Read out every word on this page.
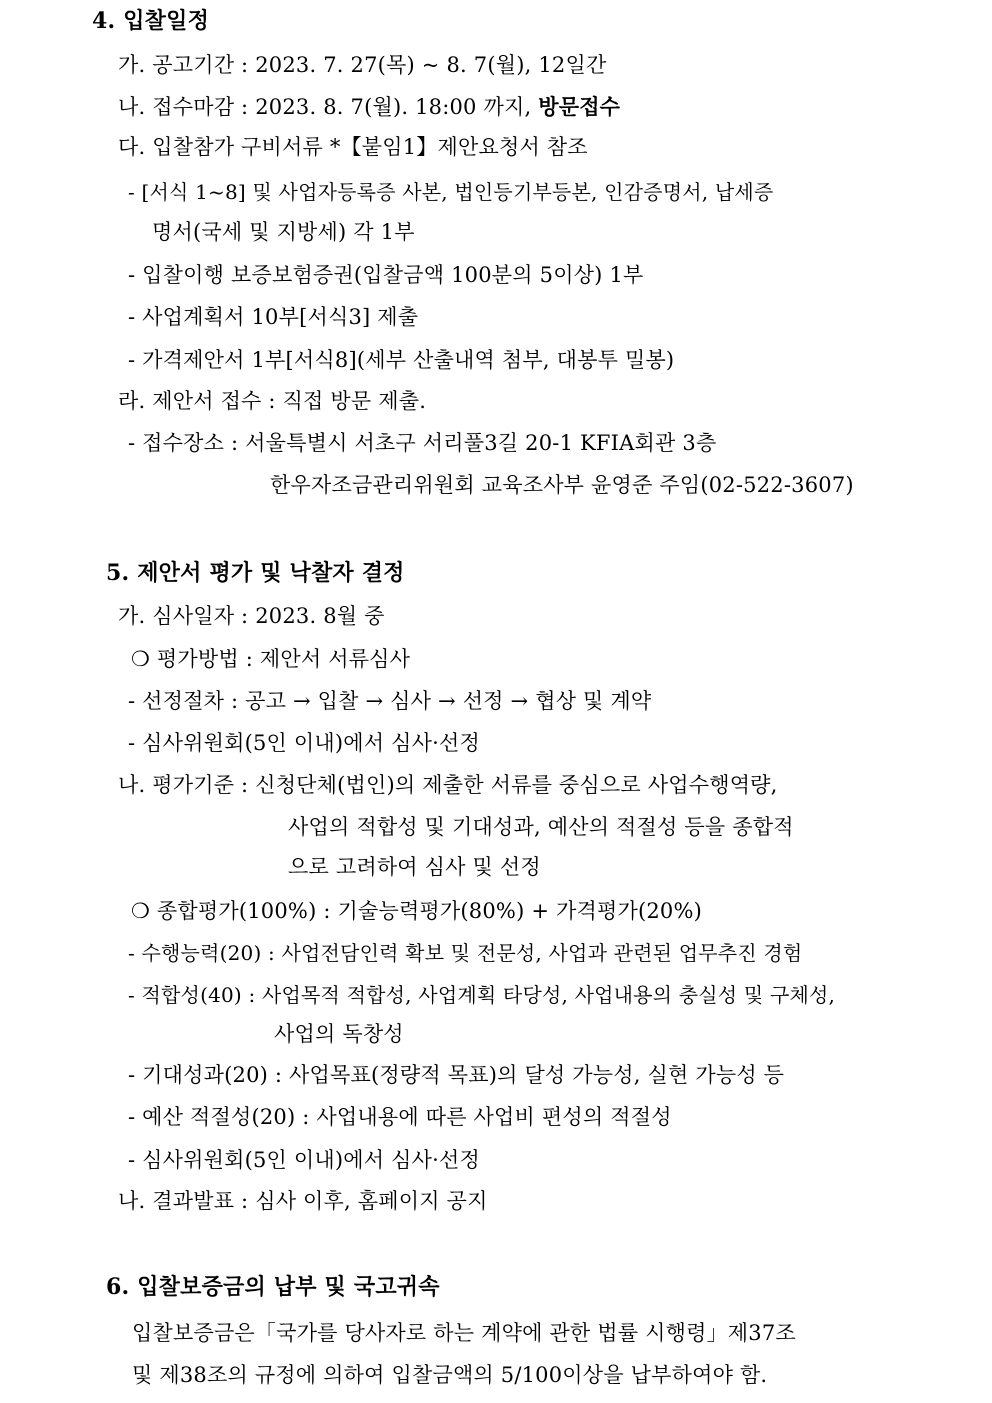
4. 입찰일정
가. 공고기간 : 2023. 7. 27(목) ~ 8. 7(월), 12일간
나. 접수마감 : 2023. 8. 7(월). 18:00 까지, 방문접수
다. 입찰참가 구비서류 *【붙임1】제안요청서 참조
- [서식 1~8] 및 사업자등록증 사본, 법인등기부등본, 인감증명서, 납세증
명서(국세 및 지방세) 각 1부
- 입찰이행 보증보험증권(입찰금액 100분의 5이상) 1부
- 사업계획서 10부[서식3] 제출
- 가격제안서 1부[서식8](세부 산출내역 첨부, 대봉투 밀봉)
라. 제안서 접수 : 직접 방문 제출.
- 접수장소 : 서울특별시 서초구 서리풀3길 20-1 KFIA회관 3층
한우자조금관리위원회 교육조사부 윤영준 주임(02-522-3607)
5. 제안서 평가 및 낙찰자 결정
가. 심사일자 : 2023. 8월 중
❍ 평가방법 : 제안서 서류심사
- 선정절차 : 공고 → 입찰 → 심사 → 선정 → 협상 및 계약
- 심사위원회(5인 이내)에서 심사·선정
나. 평가기준 : 신청단체(법인)의 제출한 서류를 중심으로 사업수행역량,
사업의 적합성 및 기대성과, 예산의 적절성 등을 종합적
으로 고려하여 심사 및 선정
❍ 종합평가(100%) : 기술능력평가(80%) + 가격평가(20%)
- 수행능력(20) : 사업전담인력 확보 및 전문성, 사업과 관련된 업무추진 경험
- 적합성(40) : 사업목적 적합성, 사업계획 타당성, 사업내용의 충실성 및 구체성,
사업의 독창성
- 기대성과(20) : 사업목표(정량적 목표)의 달성 가능성, 실현 가능성 등
- 예산 적절성(20) : 사업내용에 따른 사업비 편성의 적절성
- 심사위원회(5인 이내)에서 심사·선정
나. 결과발표 : 심사 이후, 홈페이지 공지
6. 입찰보증금의 납부 및 국고귀속
입찰보증금은「국가를 당사자로 하는 계약에 관한 법률 시행령」제37조
및 제38조의 규정에 의하여 입찰금액의 5/100이상을 납부하여야 함.
